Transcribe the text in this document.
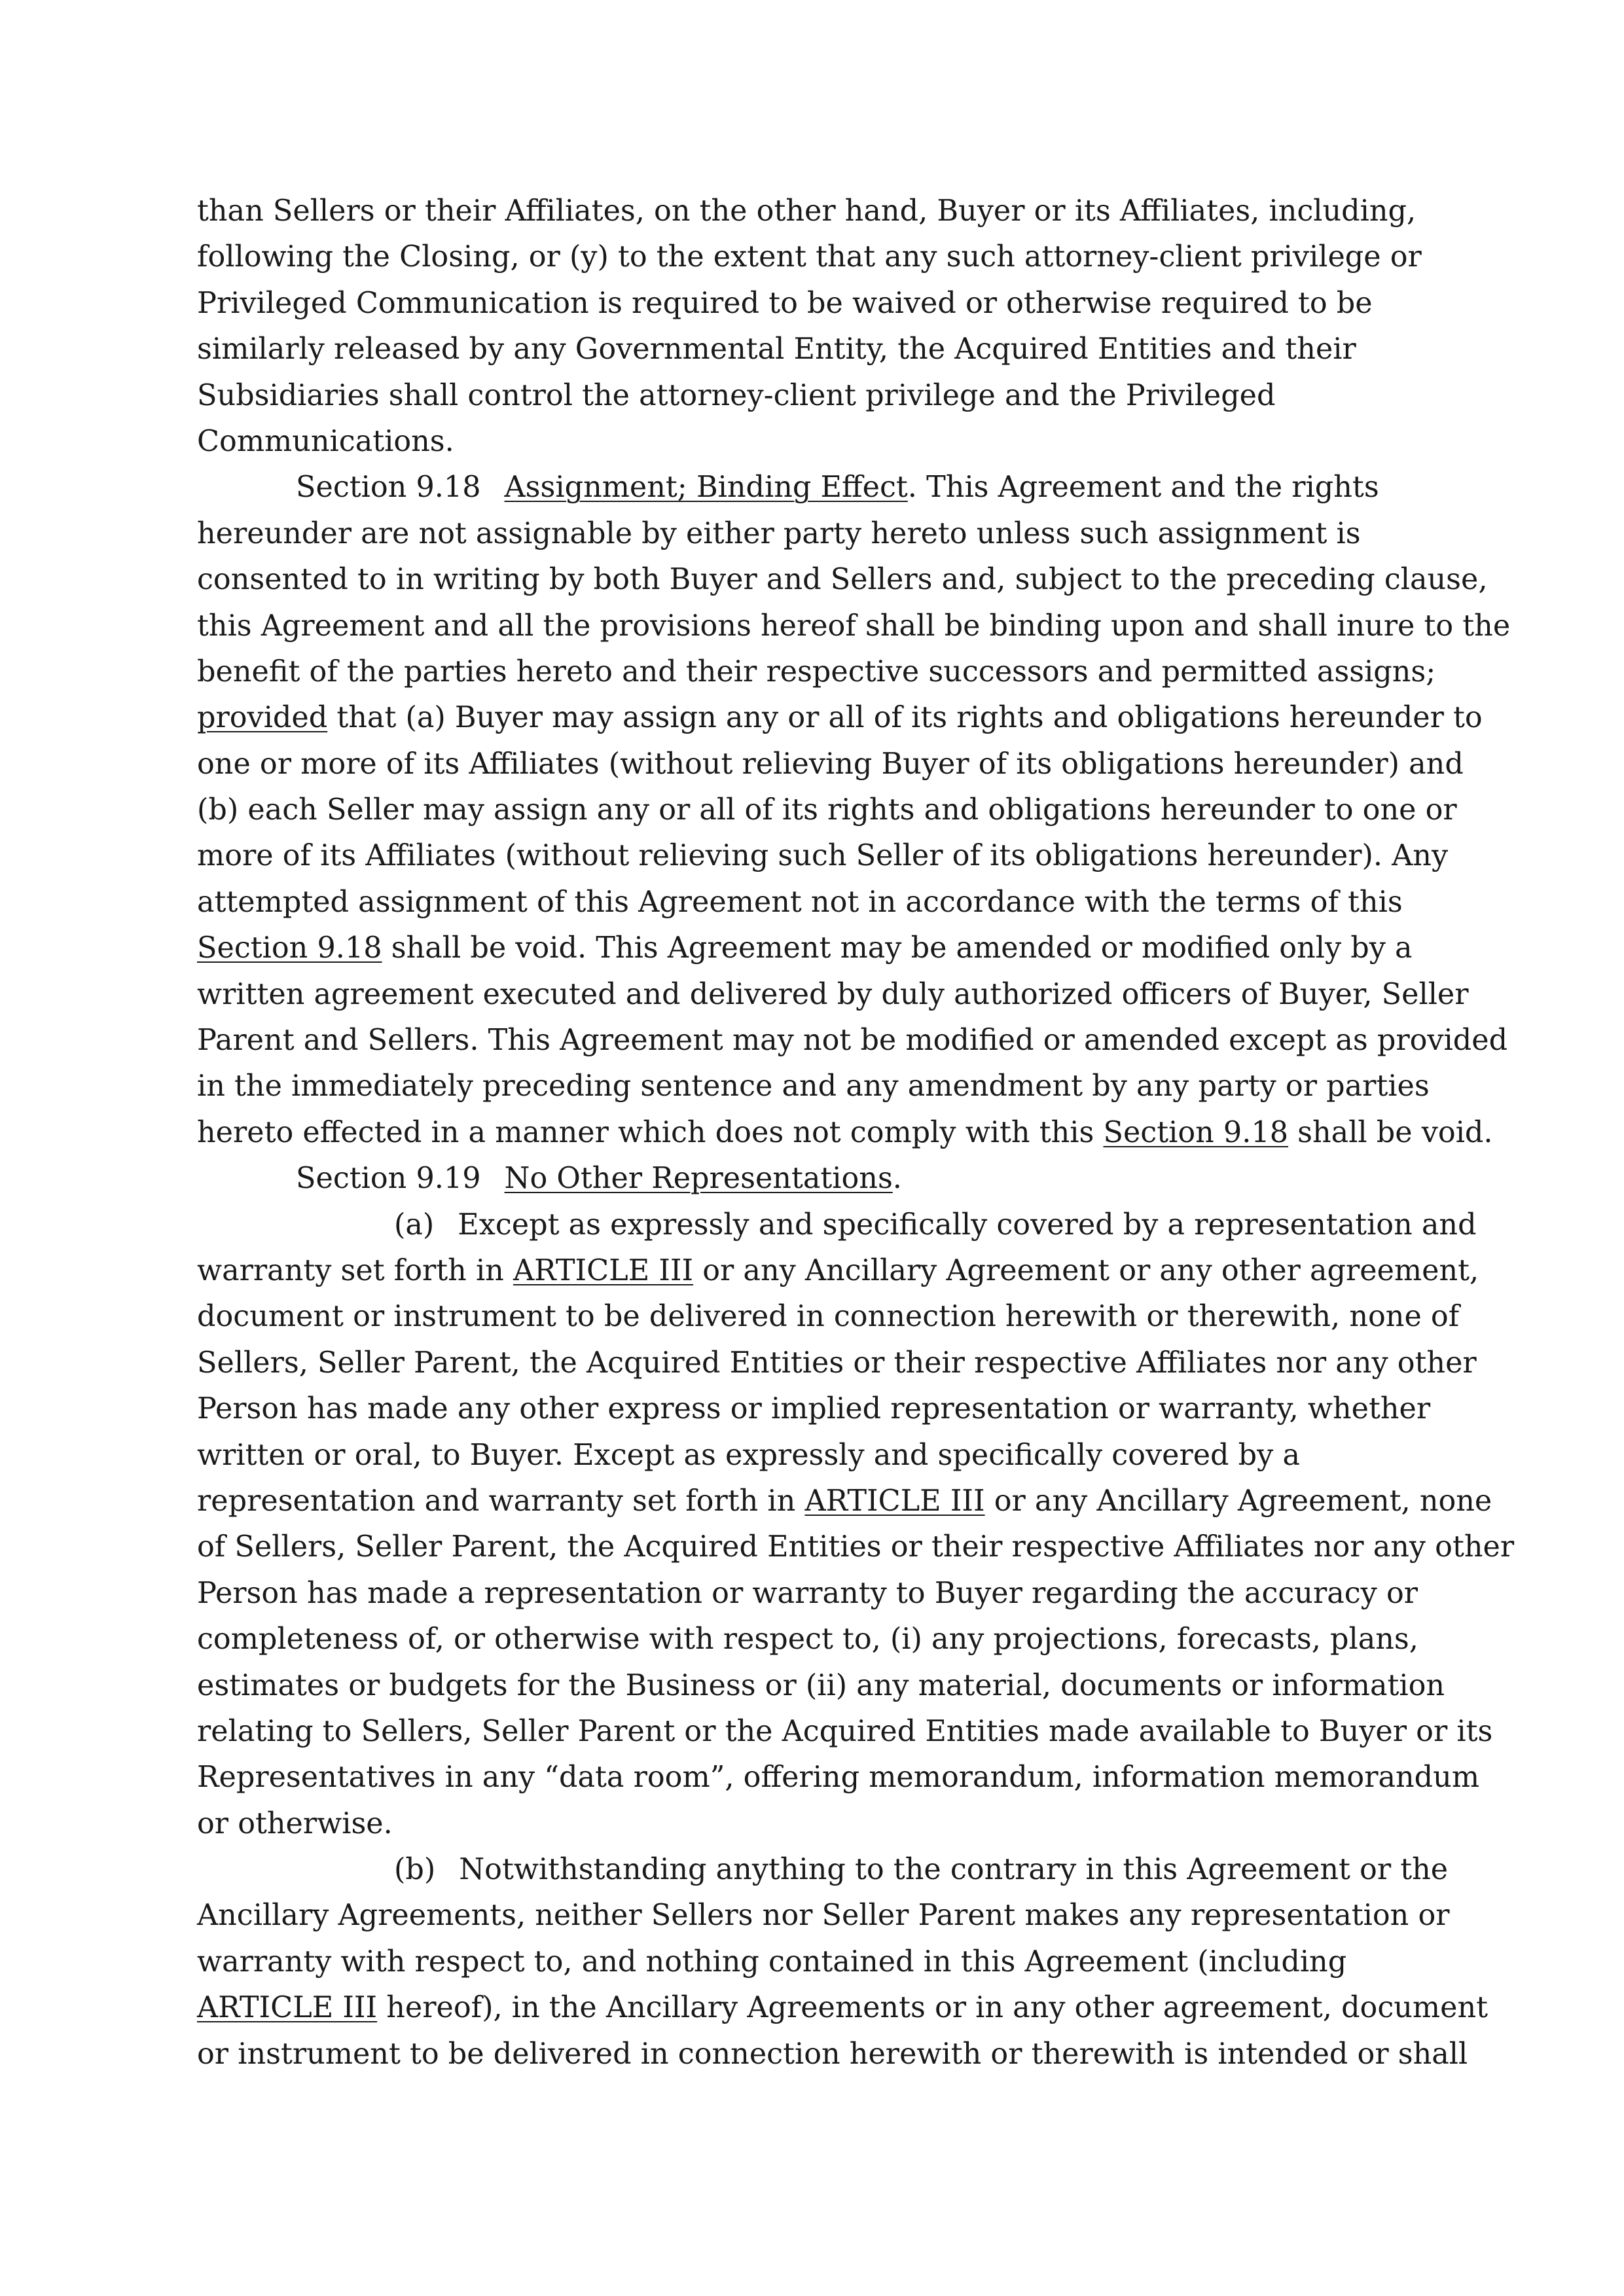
than Sellers or their Affiliates, on the other hand, Buyer or its Affiliates, including,
following the Closing, or (y) to the extent that any such attorney-client privilege or
Privileged Communication is required to be waived or otherwise required to be
similarly released by any Governmental Entity, the Acquired Entities and their
Subsidiaries shall control the attorney-client privilege and the Privileged
Communications.
Section 9.18 Assignment; Binding Effect. This Agreement and the rights
hereunder are not assignable by either party hereto unless such assignment is
consented to in writing by both Buyer and Sellers and, subject to the preceding clause,
this Agreement and all the provisions hereof shall be binding upon and shall inure to the
benefit of the parties hereto and their respective successors and permitted assigns;
provided that (a) Buyer may assign any or all of its rights and obligations hereunder to
one or more of its Affiliates (without relieving Buyer of its obligations hereunder) and
(b) each Seller may assign any or all of its rights and obligations hereunder to one or
more of its Affiliates (without relieving such Seller of its obligations hereunder). Any
attempted assignment of this Agreement not in accordance with the terms of this
Section 9.18 shall be void. This Agreement may be amended or modified only by a
written agreement executed and delivered by duly authorized officers of Buyer, Seller
Parent and Sellers. This Agreement may not be modified or amended except as provided
in the immediately preceding sentence and any amendment by any party or parties
hereto effected in a manner which does not comply with this Section 9.18 shall be void.
Section 9.19 No Other Representations.
(a) Except as expressly and specifically covered by a representation and
warranty set forth in ARTICLE III or any Ancillary Agreement or any other agreement,
document or instrument to be delivered in connection herewith or therewith, none of
Sellers, Seller Parent, the Acquired Entities or their respective Affiliates nor any other
Person has made any other express or implied representation or warranty, whether
written or oral, to Buyer. Except as expressly and specifically covered by a
representation and warranty set forth in ARTICLE III or any Ancillary Agreement, none
of Sellers, Seller Parent, the Acquired Entities or their respective Affiliates nor any other
Person has made a representation or warranty to Buyer regarding the accuracy or
completeness of, or otherwise with respect to, (i) any projections, forecasts, plans,
estimates or budgets for the Business or (ii) any material, documents or information
relating to Sellers, Seller Parent or the Acquired Entities made available to Buyer or its
Representatives in any “data room”, offering memorandum, information memorandum
or otherwise.
(b) Notwithstanding anything to the contrary in this Agreement or the
Ancillary Agreements, neither Sellers nor Seller Parent makes any representation or
warranty with respect to, and nothing contained in this Agreement (including
ARTICLE III hereof), in the Ancillary Agreements or in any other agreement, document
or instrument to be delivered in connection herewith or therewith is intended or shall
